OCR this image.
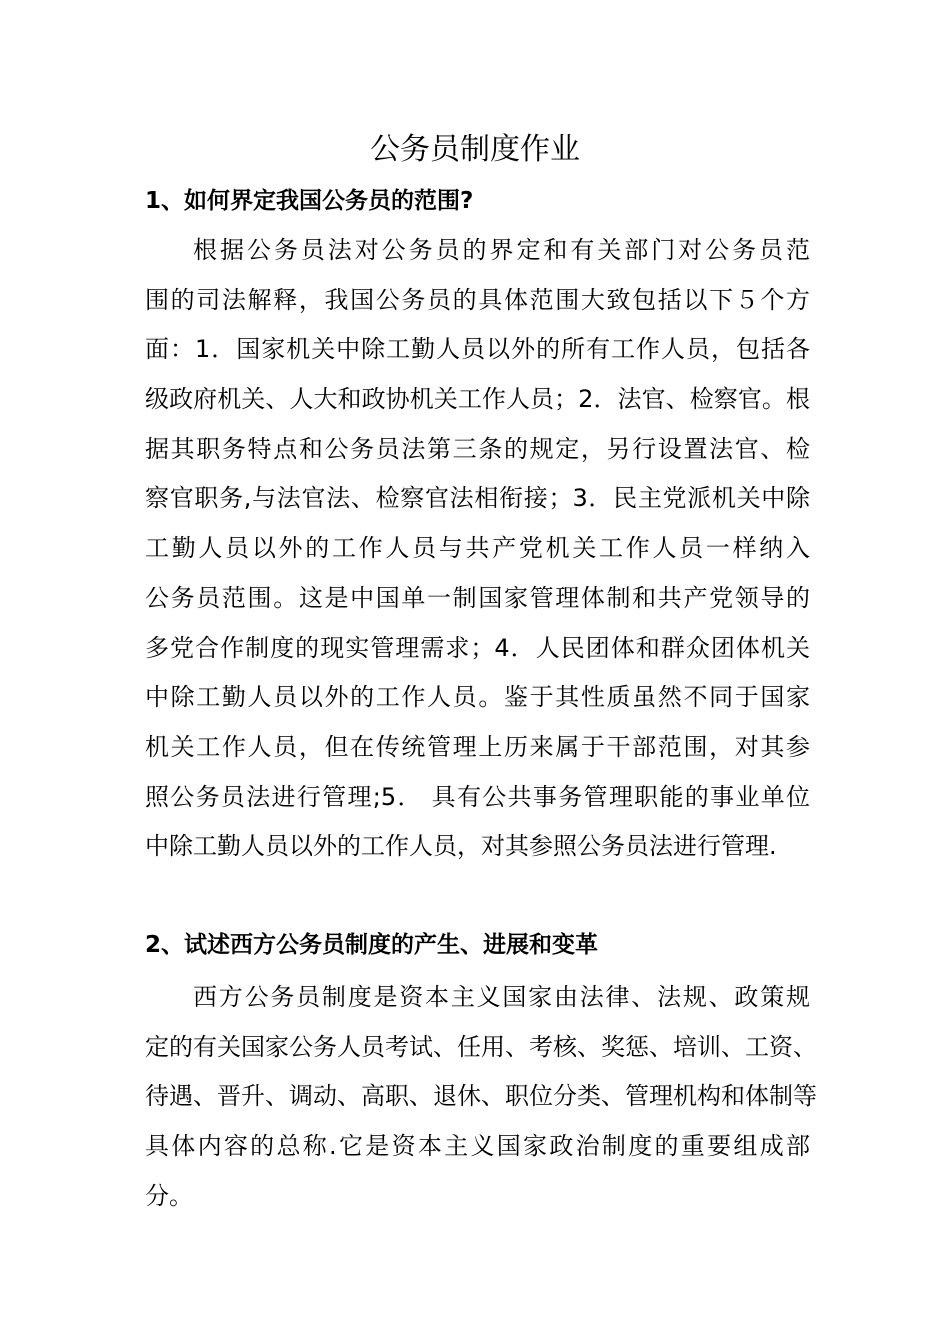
公务员制度作业
1、如何界定我国公务员的范围?
根据公务员法对公务员的界定和有关部门对公务员范
围的司法解释，我国公务员的具体范围大致包括以下５个方
面：1．国家机关中除工勤人员以外的所有工作人员，包括各
级政府机关、人大和政协机关工作人员；2．法官、检察官。根
据其职务特点和公务员法第三条的规定，另行设置法官、检
察官职务,与法官法、检察官法相衔接；3．民主党派机关中除
工勤人员以外的工作人员与共产党机关工作人员一样纳入
公务员范围。这是中国单一制国家管理体制和共产党领导的
多党合作制度的现实管理需求；4．人民团体和群众团体机关
中除工勤人员以外的工作人员。鉴于其性质虽然不同于国家
机关工作人员，但在传统管理上历来属于干部范围，对其参
照公务员法进行管理;5． 具有公共事务管理职能的事业单位
中除工勤人员以外的工作人员，对其参照公务员法进行管理.
2、试述西方公务员制度的产生、进展和变革
西方公务员制度是资本主义国家由法律、法规、政策规
定的有关国家公务人员考试、任用、考核、奖惩、培训、工资、
待遇、晋升、调动、高职、退休、职位分类、管理机构和体制等
具体内容的总称.它是资本主义国家政治制度的重要组成部
分。
